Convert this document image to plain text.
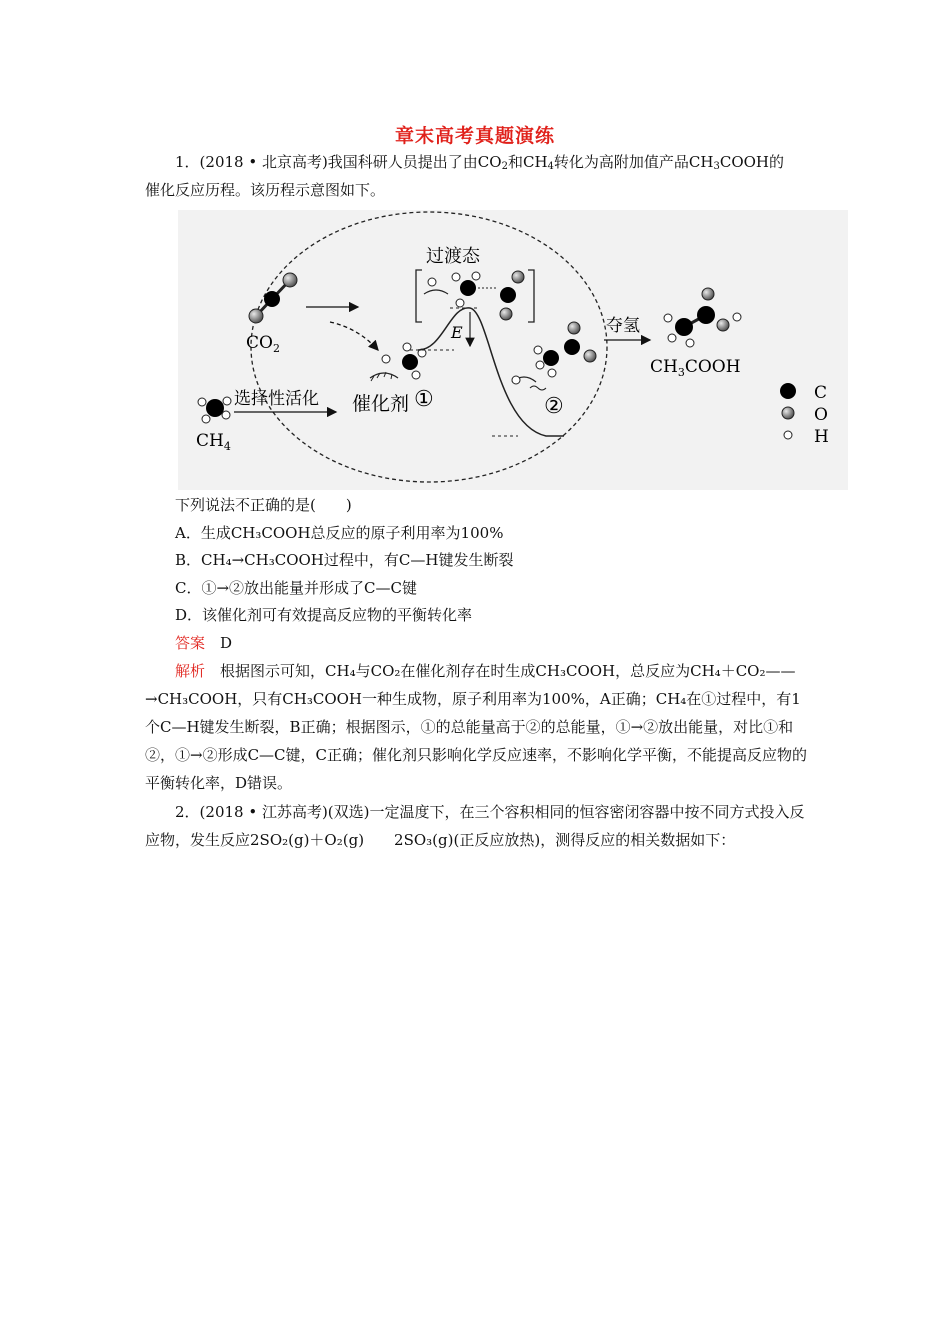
章末高考真题演练
1．(2018 • 北京高考)我国科研人员提出了由$CO_2$和$CH_4$转化为高附加值产品$CH_3COOH$的
催化反应历程。该历程示意图如下。
$CO_2$
$CH_4$
选择性活化 催化剂 ①
E
过渡态
②
夺氢
$CH_3COOH$
C
O
H
下列说法不正确的是(　　)
A．生成CH₃COOH总反应的原子利用率为100%
B．CH₄→CH₃COOH过程中，有C—H键发生断裂
C．①→②放出能量并形成了C—C键
D．该催化剂可有效提高反应物的平衡转化率
答案　 D
解析　 根据图示可知，CH₄与CO₂在催化剂存在时生成CH₃COOH，总反应为CH₄＋CO₂——→CH₃COOH，只有CH₃COOH一种生成物，原子利用率为100%，A正确；CH₄在①过程中，有1个C—H键发生断裂，B正确；根据图示，①的总能量高于②的总能量，①→②放出能量，对比①和②，①→②形成C—C键，C正确；催化剂只影响化学反应速率，不影响化学平衡，不能提高反应物的平衡转化率，D错误。
2．(2018 • 江苏高考)(双选)一定温度下，在三个容积相同的恒容密闭容器中按不同方式投入反应物，发生反应2SO₂(g)＋O₂(g)　　2SO₃(g)(正反应放热)，测得反应的相关数据如下：
